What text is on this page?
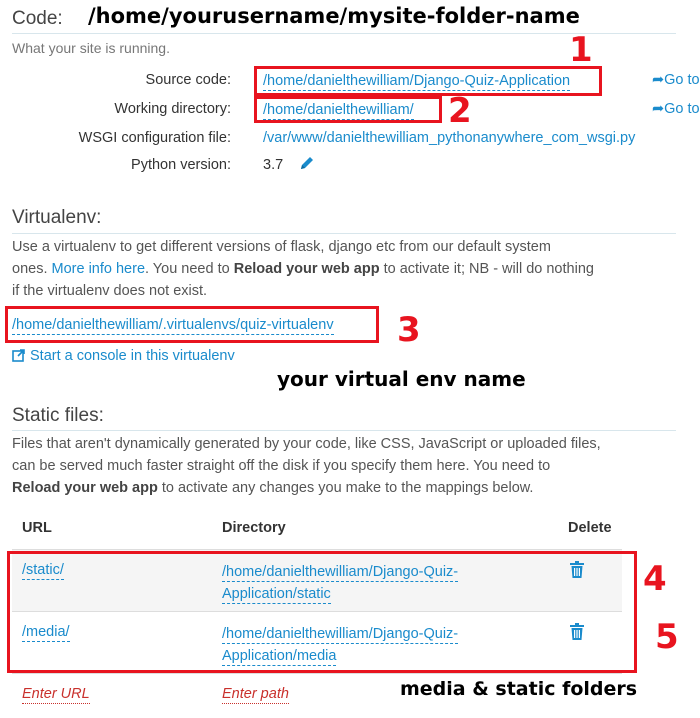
Code: /home/yourusername/mysite-folder-name
What your site is running.
Source code: /home/danielthewilliam/Django-Quiz-Application
1
➦Go to
Working directory: /home/danielthewilliam/ 2	➦Go to
WSGI configuration file: /var/www/danielthewilliam_pythonanywhere_com_wsgi.py
Python version: 3.7
Virtualenv:
Use a virtualenv to get different versions of flask, django etc from our default system
ones. More info here. You need to Reload your web app to activate it; NB - will do nothing
if the virtualenv does not exist.
/home/danielthewilliam/.virtualenvs/quiz-virtualenv 3
Start a console in this virtualenv
your virtual env name
Static files:
Files that aren't dynamically generated by your code, like CSS, JavaScript or uploaded files,
can be served much faster straight off the disk if you specify them here. You need to
Reload your web app to activate any changes you make to the mappings below.
URL	Directory	Delete
/static/	/home/danielthewilliam/Django-Quiz-
Application/static
/media/	/home/danielthewilliam/Django-Quiz-
Application/media
4
5
Enter URL	Enter path	media & static folders
